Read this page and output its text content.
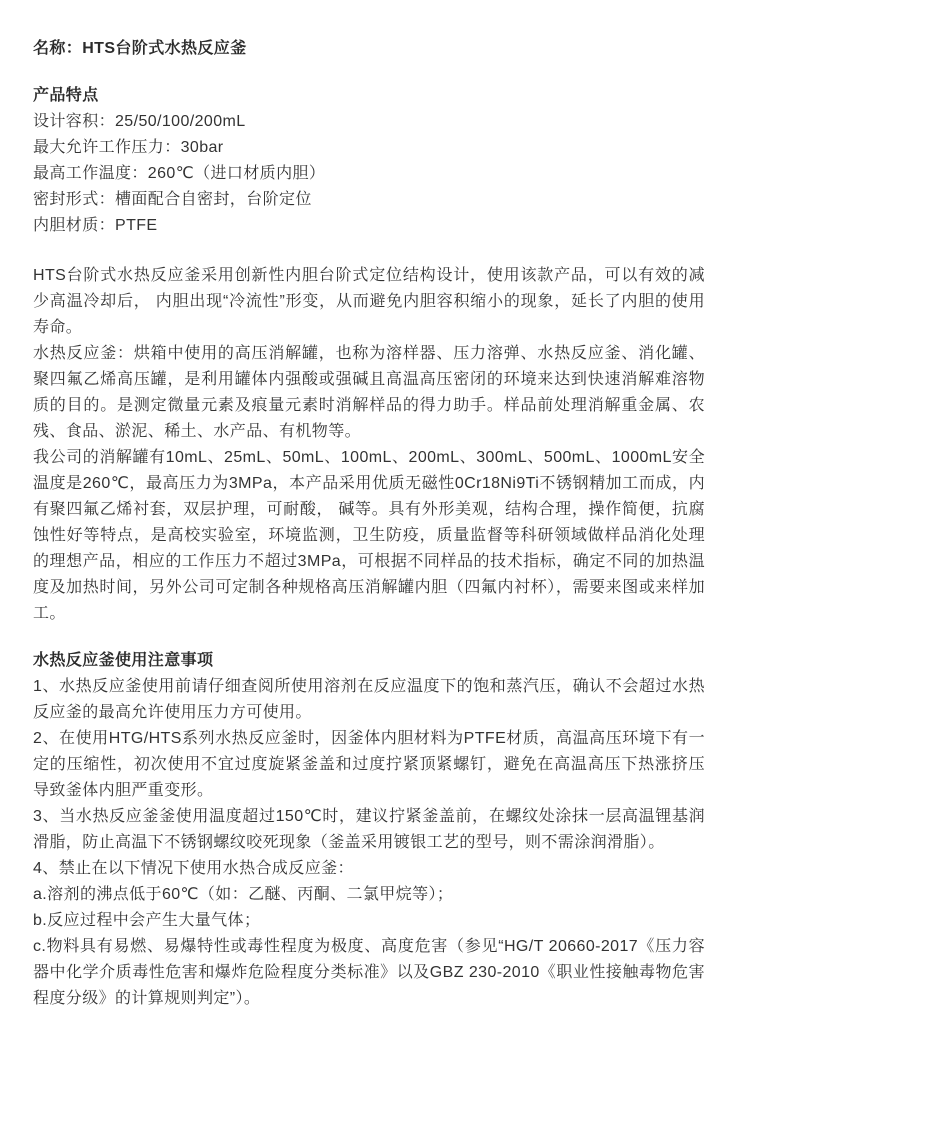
名称：HTS台阶式水热反应釜
产品特点
设计容积：25/50/100/200mL
最大允许工作压力：30bar
最高工作温度：260℃（进口材质内胆）
密封形式：槽面配合自密封，台阶定位
内胆材质：PTFE

HTS台阶式水热反应釜采用创新性内胆台阶式定位结构设计，使用该款产品，可以有效的减少高温冷却后， 内胆出现“冷流性”形变，从而避免内胆容积缩小的现象，延长了内胆的使用寿命。

水热反应釜：烘箱中使用的高压消解罐，也称为溶样器、压力溶弹、水热反应釜、消化罐、聚四氟乙烯高压罐，是利用罐体内强酸或强碱且高温高压密闭的环境来达到快速消解难溶物质的目的。是测定微量元素及痕量元素时消解样品的得力助手。样品前处理消解重金属、农残、食品、淤泥、稀土、水产品、有机物等。

我公司的消解罐有10mL、25mL、50mL、100mL、200mL、300mL、500mL、1000mL安全温度是260℃，最高压力为3MPa，本产品采用优质无磁性0Cr18Ni9Ti不锈钢精加工而成，内有聚四氟乙烯衬套，双层护理，可耐酸， 碱等。具有外形美观，结构合理，操作简便，抗腐蚀性好等特点，是高校实验室，环境监测，卫生防疫，质量监督等科研领域做样品消化处理的理想产品，相应的工作压力不超过3MPa，可根据不同样品的技术指标，确定不同的加热温度及加热时间，另外公司可定制各种规格高压消解罐内胆（四氟内衬杯），需要来图或来样加工。

水热反应釜使用注意事项
1、水热反应釜使用前请仔细查阅所使用溶剂在反应温度下的饱和蒸汽压，确认不会超过水热反应釜的最高允许使用压力方可使用。
2、在使用HTG/HTS系列水热反应釜时，因釜体内胆材料为PTFE材质，高温高压环境下有一定的压缩性，初次使用不宜过度旋紧釜盖和过度拧紧顶紧螺钉，避免在高温高压下热涨挤压导致釜体内胆严重变形。
3、当水热反应釜釜使用温度超过150℃时，建议拧紧釜盖前，在螺纹处涂抹一层高温锂基润滑脂，防止高温下不锈钢螺纹咬死现象（釜盖采用镀银工艺的型号，则不需涂润滑脂）。
4、禁止在以下情况下使用水热合成反应釜：
a.溶剂的沸点低于60℃（如：乙醚、丙酮、二氯甲烷等）；
b.反应过程中会产生大量气体；
c.物料具有易燃、易爆特性或毒性程度为极度、高度危害（参见“HG/T 20660-2017《压力容器中化学介质毒性危害和爆炸危险程度分类标准》以及GBZ 230-2010《职业性接触毒物危害程度分级》的计算规则判定”）。
